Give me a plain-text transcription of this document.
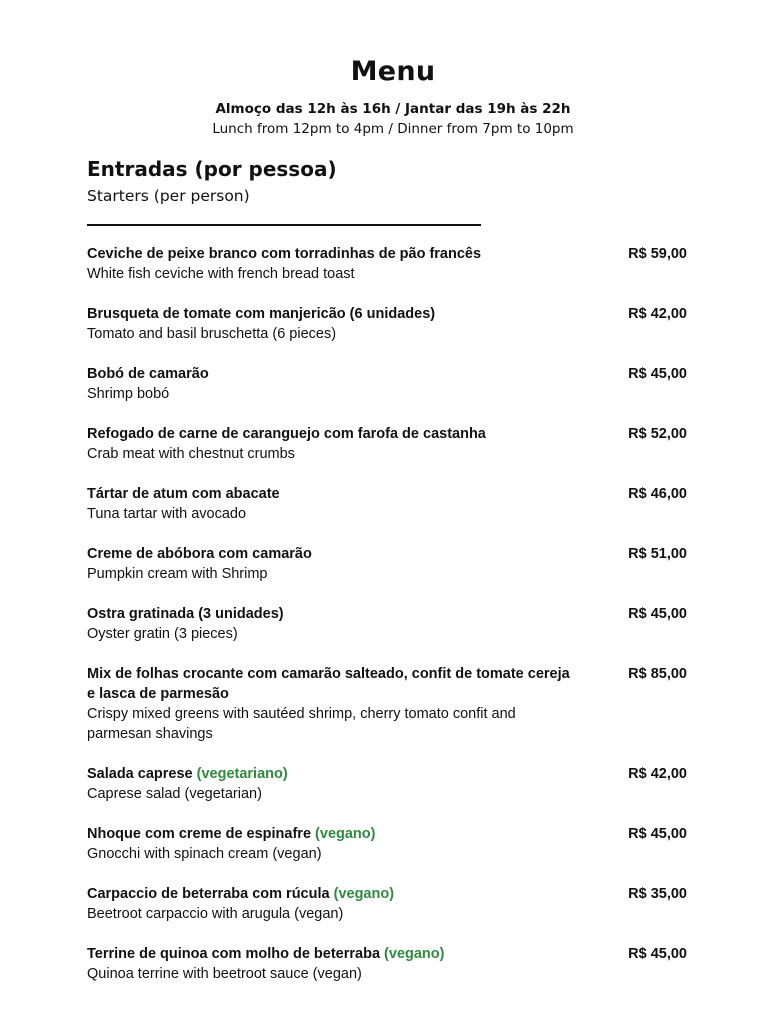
Menu
Almoço das 12h às 16h / Jantar das 19h às 22h
Lunch from 12pm to 4pm / Dinner from 7pm to 10pm
Entradas (por pessoa)
Starters (per person)
Ceviche de peixe branco com torradinhas de pão francês
White fish ceviche with french bread toast
R$ 59,00
Brusqueta de tomate com manjericão (6 unidades)
Tomato and basil bruschetta (6 pieces)
R$ 42,00
Bobó de camarão
Shrimp bobó
R$ 45,00
Refogado de carne de caranguejo com farofa de castanha
Crab meat with chestnut crumbs
R$ 52,00
Tártar de atum com abacate
Tuna tartar with avocado
R$ 46,00
Creme de abóbora com camarão
Pumpkin cream with Shrimp
R$ 51,00
Ostra gratinada (3 unidades)
Oyster gratin (3 pieces)
R$ 45,00
Mix de folhas crocante com camarão salteado, confit de tomate cereja e lasca de parmesão
Crispy mixed greens with sautéed shrimp, cherry tomato confit and parmesan shavings
R$ 85,00
Salada caprese (vegetariano)
Caprese salad (vegetarian)
R$ 42,00
Nhoque com creme de espinafre (vegano)
Gnocchi with spinach cream (vegan)
R$ 45,00
Carpaccio de beterraba com rúcula (vegano)
Beetroot carpaccio with arugula (vegan)
R$ 35,00
Terrine de quinoa com molho de beterraba (vegano)
Quinoa terrine with beetroot sauce (vegan)
R$ 45,00
